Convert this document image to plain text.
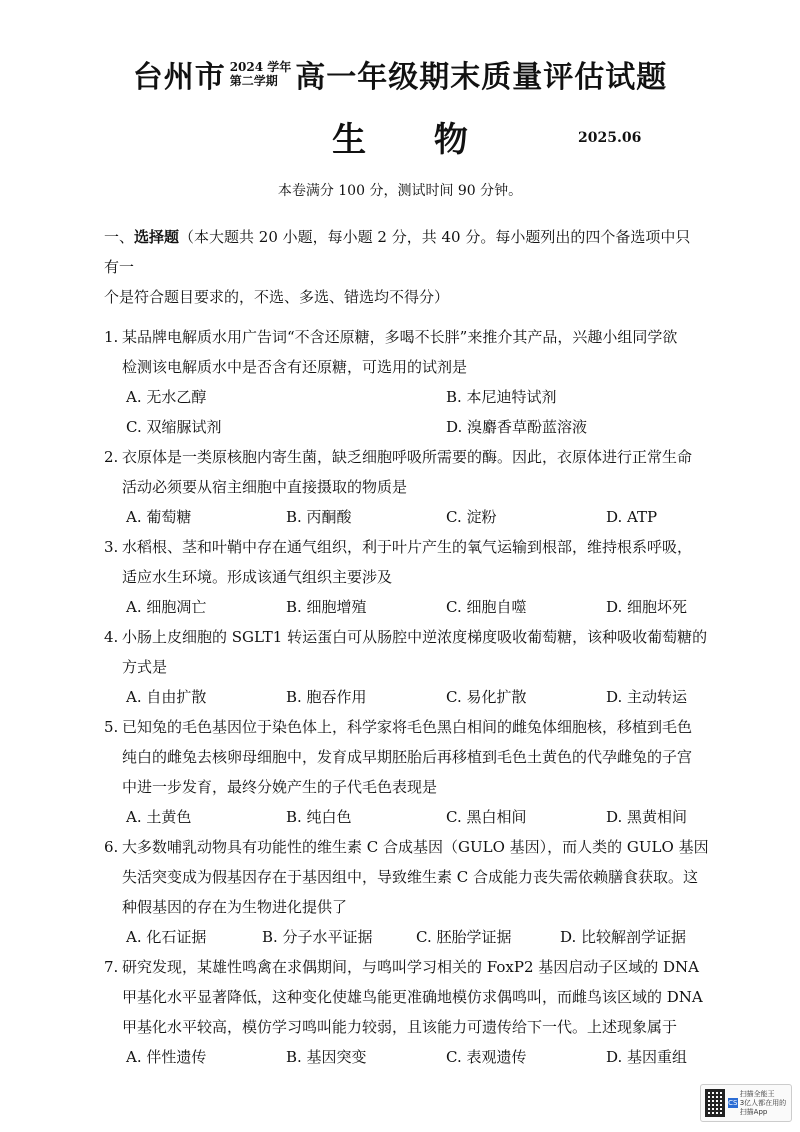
台州市 2024 学年
第二学期 高一年级期末质量评估试题
生 物	2025.06
本卷满分 100 分，测试时间 90 分钟。
一、选择题（本大题共 20 小题，每小题 2 分，共 40 分。每小题列出的四个备选项中只有一
个是符合题目要求的，不选、多选、错选均不得分）
1. 某品牌电解质水用广告词“不含还原糖，多喝不长胖”来推介其产品，兴趣小组同学欲
检测该电解质水中是否含有还原糖，可选用的试剂是
A. 无水乙醇	B. 本尼迪特试剂
C. 双缩脲试剂	D. 溴麝香草酚蓝溶液
2. 衣原体是一类原核胞内寄生菌，缺乏细胞呼吸所需要的酶。因此，衣原体进行正常生命
活动必须要从宿主细胞中直接摄取的物质是
A. 葡萄糖	B. 丙酮酸	C. 淀粉	D. ATP
3. 水稻根、茎和叶鞘中存在通气组织，利于叶片产生的氧气运输到根部，维持根系呼吸，
适应水生环境。形成该通气组织主要涉及
A. 细胞凋亡	B. 细胞增殖	C. 细胞自噬	D. 细胞坏死
4. 小肠上皮细胞的 SGLT1 转运蛋白可从肠腔中逆浓度梯度吸收葡萄糖，该种吸收葡萄糖的
方式是
A. 自由扩散	B. 胞吞作用	C. 易化扩散	D. 主动转运
5. 已知兔的毛色基因位于染色体上，科学家将毛色黑白相间的雌兔体细胞核，移植到毛色
纯白的雌兔去核卵母细胞中，发育成早期胚胎后再移植到毛色土黄色的代孕雌兔的子宫
中进一步发育，最终分娩产生的子代毛色表现是
A. 土黄色	B. 纯白色	C. 黑白相间	D. 黑黄相间
6. 大多数哺乳动物具有功能性的维生素 C 合成基因（GULO 基因），而人类的 GULO 基因
失活突变成为假基因存在于基因组中，导致维生素 C 合成能力丧失需依赖膳食获取。这
种假基因的存在为生物进化提供了
A. 化石证据	B. 分子水平证据	C. 胚胎学证据	D. 比较解剖学证据
7. 研究发现，某雄性鸣禽在求偶期间，与鸣叫学习相关的 FoxP2 基因启动子区域的 DNA
甲基化水平显著降低，这种变化使雄鸟能更准确地模仿求偶鸣叫，而雌鸟该区域的 DNA
甲基化水平较高，模仿学习鸣叫能力较弱，且该能力可遗传给下一代。上述现象属于
A. 伴性遗传	B. 基因突变	C. 表观遗传	D. 基因重组
CS
扫描全能王
3亿人都在用的扫描App
